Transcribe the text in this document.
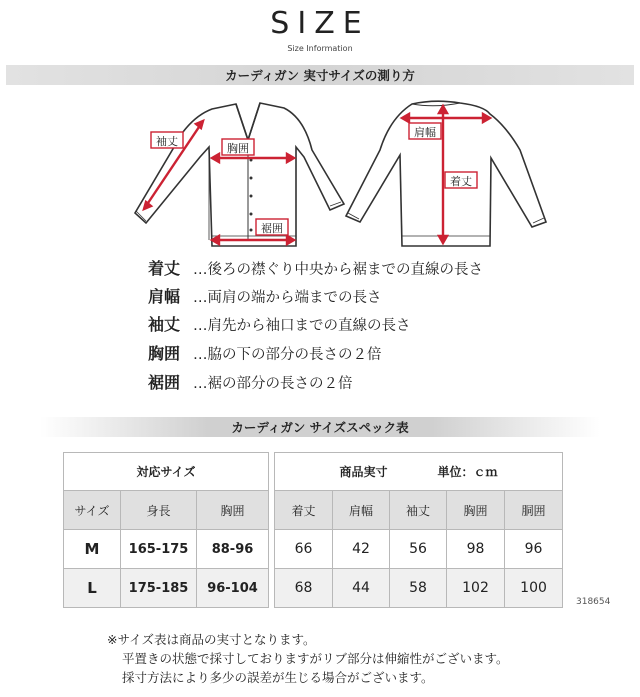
SIZE
Size Information
カーディガン 実寸サイズの測り方
袖丈
胸囲
裾囲
肩幅
着丈
着丈 …後ろの襟ぐり中央から裾までの直線の長さ
肩幅 …両肩の端から端までの長さ
袖丈 …肩先から袖口までの直線の長さ
胸囲 …脇の下の部分の長さの２倍
裾囲 …裾の部分の長さの２倍
カーディガン サイズスペック表
対応サイズ				商品実寸 単位：ｃｍ				

サイズ	身長	胸囲		着丈	肩幅	袖丈	胸囲	胴囲
M	165-175	88-96		66	42	56	98	96
L	175-185	96-104		68	44	58	102	100
318654
※サイズ表は商品の実寸となります。
平置きの状態で採寸しておりますがリブ部分は伸縮性がございます。
採寸方法により多少の誤差が生じる場合がございます。
